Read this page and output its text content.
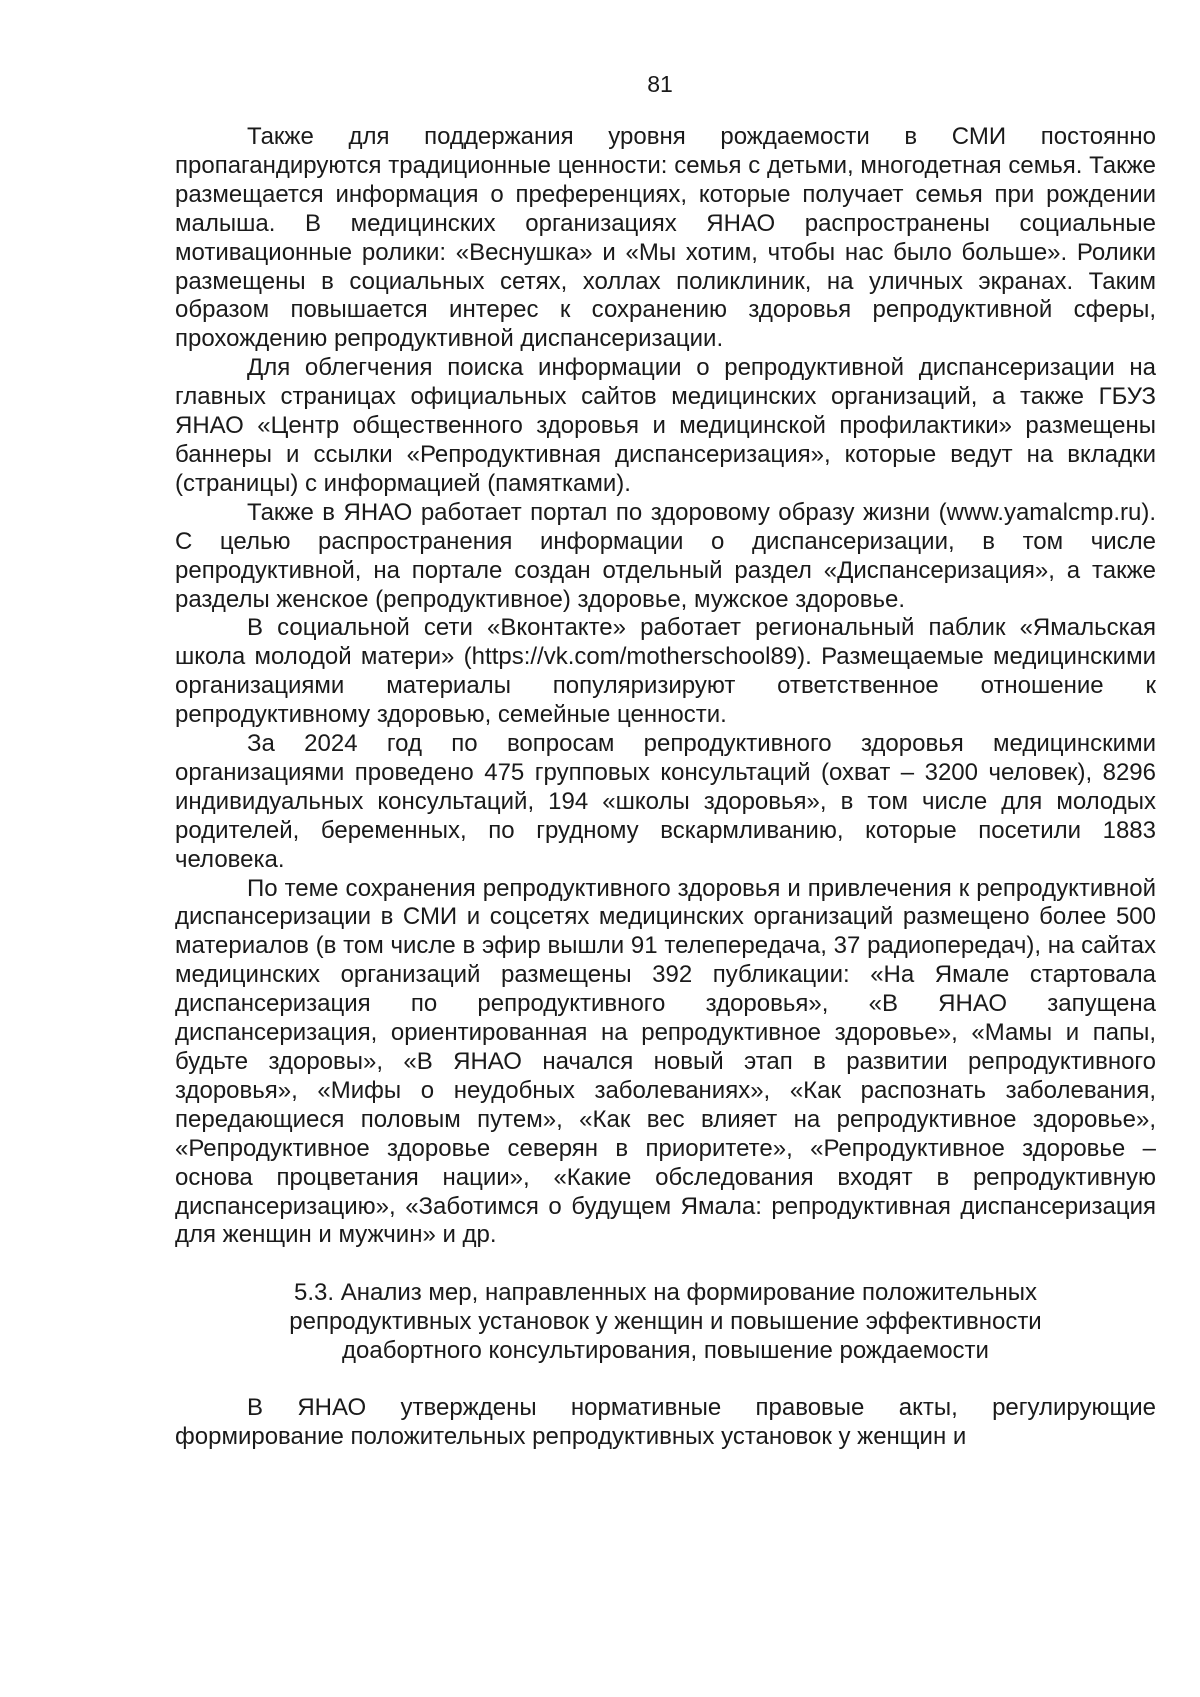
81

Также для поддержания уровня рождаемости в СМИ постоянно пропагандируются традиционные ценности: семья с детьми, многодетная семья. Также размещается информация о преференциях, которые получает семья при рождении малыша. В медицинских организациях ЯНАО распространены социальные мотивационные ролики: «Веснушка» и «Мы хотим, чтобы нас было больше». Ролики размещены в социальных сетях, холлах поликлиник, на уличных экранах. Таким образом повышается интерес к сохранению здоровья репродуктивной сферы, прохождению репродуктивной диспансеризации.

Для облегчения поиска информации о репродуктивной диспансеризации на главных страницах официальных сайтов медицинских организаций, а также ГБУЗ ЯНАО «Центр общественного здоровья и медицинской профилактики» размещены баннеры и ссылки «Репродуктивная диспансеризация», которые ведут на вкладки (страницы) с информацией (памятками).

Также в ЯНАО работает портал по здоровому образу жизни (www.yamalcmp.ru). С целью распространения информации о диспансеризации, в том числе репродуктивной, на портале создан отдельный раздел «Диспансеризация», а также разделы женское (репродуктивное) здоровье, мужское здоровье.

В социальной сети «Вконтакте» работает региональный паблик «Ямальская школа молодой матери» (https://vk.com/motherschool89). Размещаемые медицинскими организациями материалы популяризируют ответственное отношение к репродуктивному здоровью, семейные ценности.

За 2024 год по вопросам репродуктивного здоровья медицинскими организациями проведено 475 групповых консультаций (охват – 3200 человек), 8296 индивидуальных консультаций, 194 «школы здоровья», в том числе для молодых родителей, беременных, по грудному вскармливанию, которые посетили 1883 человека.

По теме сохранения репродуктивного здоровья и привлечения к репродуктивной диспансеризации в СМИ и соцсетях медицинских организаций размещено более 500 материалов (в том числе в эфир вышли 91 телепередача, 37 радиопередач), на сайтах медицинских организаций размещены 392 публикации: «На Ямале стартовала диспансеризация по репродуктивного здоровья», «В ЯНАО запущена диспансеризация, ориентированная на репродуктивное здоровье», «Мамы и папы, будьте здоровы», «В ЯНАО начался новый этап в развитии репродуктивного здоровья», «Мифы о неудобных заболеваниях», «Как распознать заболевания, передающиеся половым путем», «Как вес влияет на репродуктивное здоровье», «Репродуктивное здоровье северян в приоритете», «Репродуктивное здоровье – основа процветания нации», «Какие обследования входят в репродуктивную диспансеризацию», «Заботимся о будущем Ямала: репродуктивная диспансеризация для женщин и мужчин» и др.

5.3. Анализ мер, направленных на формирование положительных
репродуктивных установок у женщин и повышение эффективности
доабортного консультирования, повышение рождаемости

В ЯНАО утверждены нормативные правовые акты, регулирующие формирование положительных репродуктивных установок у женщин и
